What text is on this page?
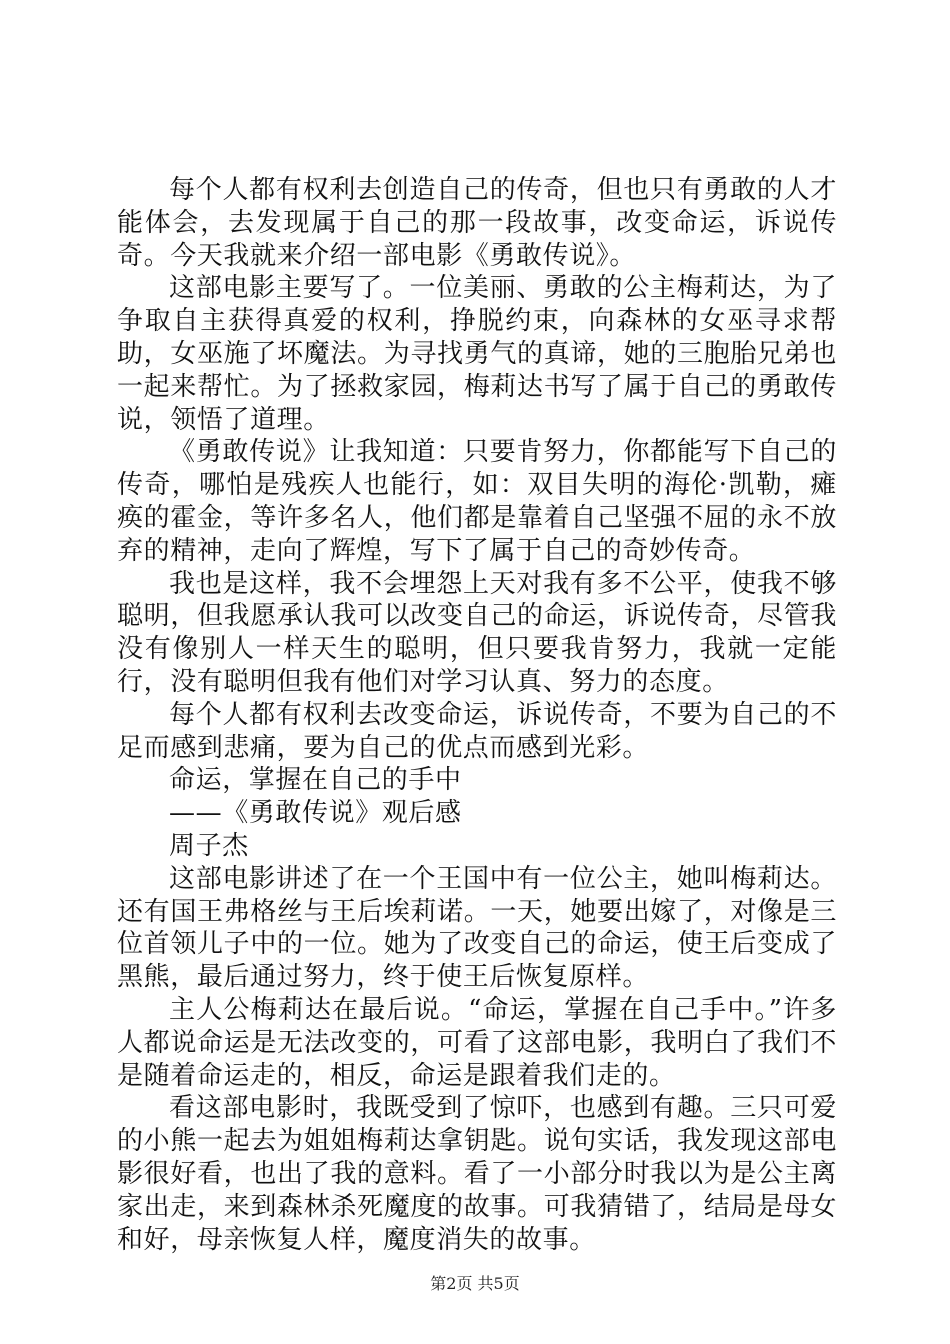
每个人都有权利去创造自己的传奇，但也只有勇敢的人才能体会，去发现属于自己的那一段故事，改变命运，诉说传奇。今天我就来介绍一部电影《勇敢传说》。

这部电影主要写了。一位美丽、勇敢的公主梅莉达，为了争取自主获得真爱的权利，挣脱约束，向森林的女巫寻求帮助，女巫施了坏魔法。为寻找勇气的真谛，她的三胞胎兄弟也一起来帮忙。为了拯救家园，梅莉达书写了属于自己的勇敢传说，领悟了道理。

《勇敢传说》让我知道：只要肯努力，你都能写下自己的传奇，哪怕是残疾人也能行，如：双目失明的海伦·凯勒，瘫痪的霍金，等许多名人，他们都是靠着自己坚强不屈的永不放弃的精神，走向了辉煌，写下了属于自己的奇妙传奇。

我也是这样，我不会埋怨上天对我有多不公平，使我不够聪明，但我愿承认我可以改变自己的命运，诉说传奇，尽管我没有像别人一样天生的聪明，但只要我肯努力，我就一定能行，没有聪明但我有他们对学习认真、努力的态度。

每个人都有权利去改变命运，诉说传奇，不要为自己的不足而感到悲痛，要为自己的优点而感到光彩。

命运，掌握在自己的手中

——《勇敢传说》观后感

周子杰

这部电影讲述了在一个王国中有一位公主，她叫梅莉达。还有国王弗格丝与王后埃莉诺。一天，她要出嫁了，对像是三位首领儿子中的一位。她为了改变自己的命运，使王后变成了黑熊，最后通过努力，终于使王后恢复原样。

主人公梅莉达在最后说。“命运，掌握在自己手中。”许多人都说命运是无法改变的，可看了这部电影，我明白了我们不是随着命运走的，相反，命运是跟着我们走的。

看这部电影时，我既受到了惊吓，也感到有趣。三只可爱的小熊一起去为姐姐梅莉达拿钥匙。说句实话，我发现这部电影很好看，也出了我的意料。看了一小部分时我以为是公主离家出走，来到森林杀死魔度的故事。可我猜错了，结局是母女和好，母亲恢复人样，魔度消失的故事。

第2页 共5页
